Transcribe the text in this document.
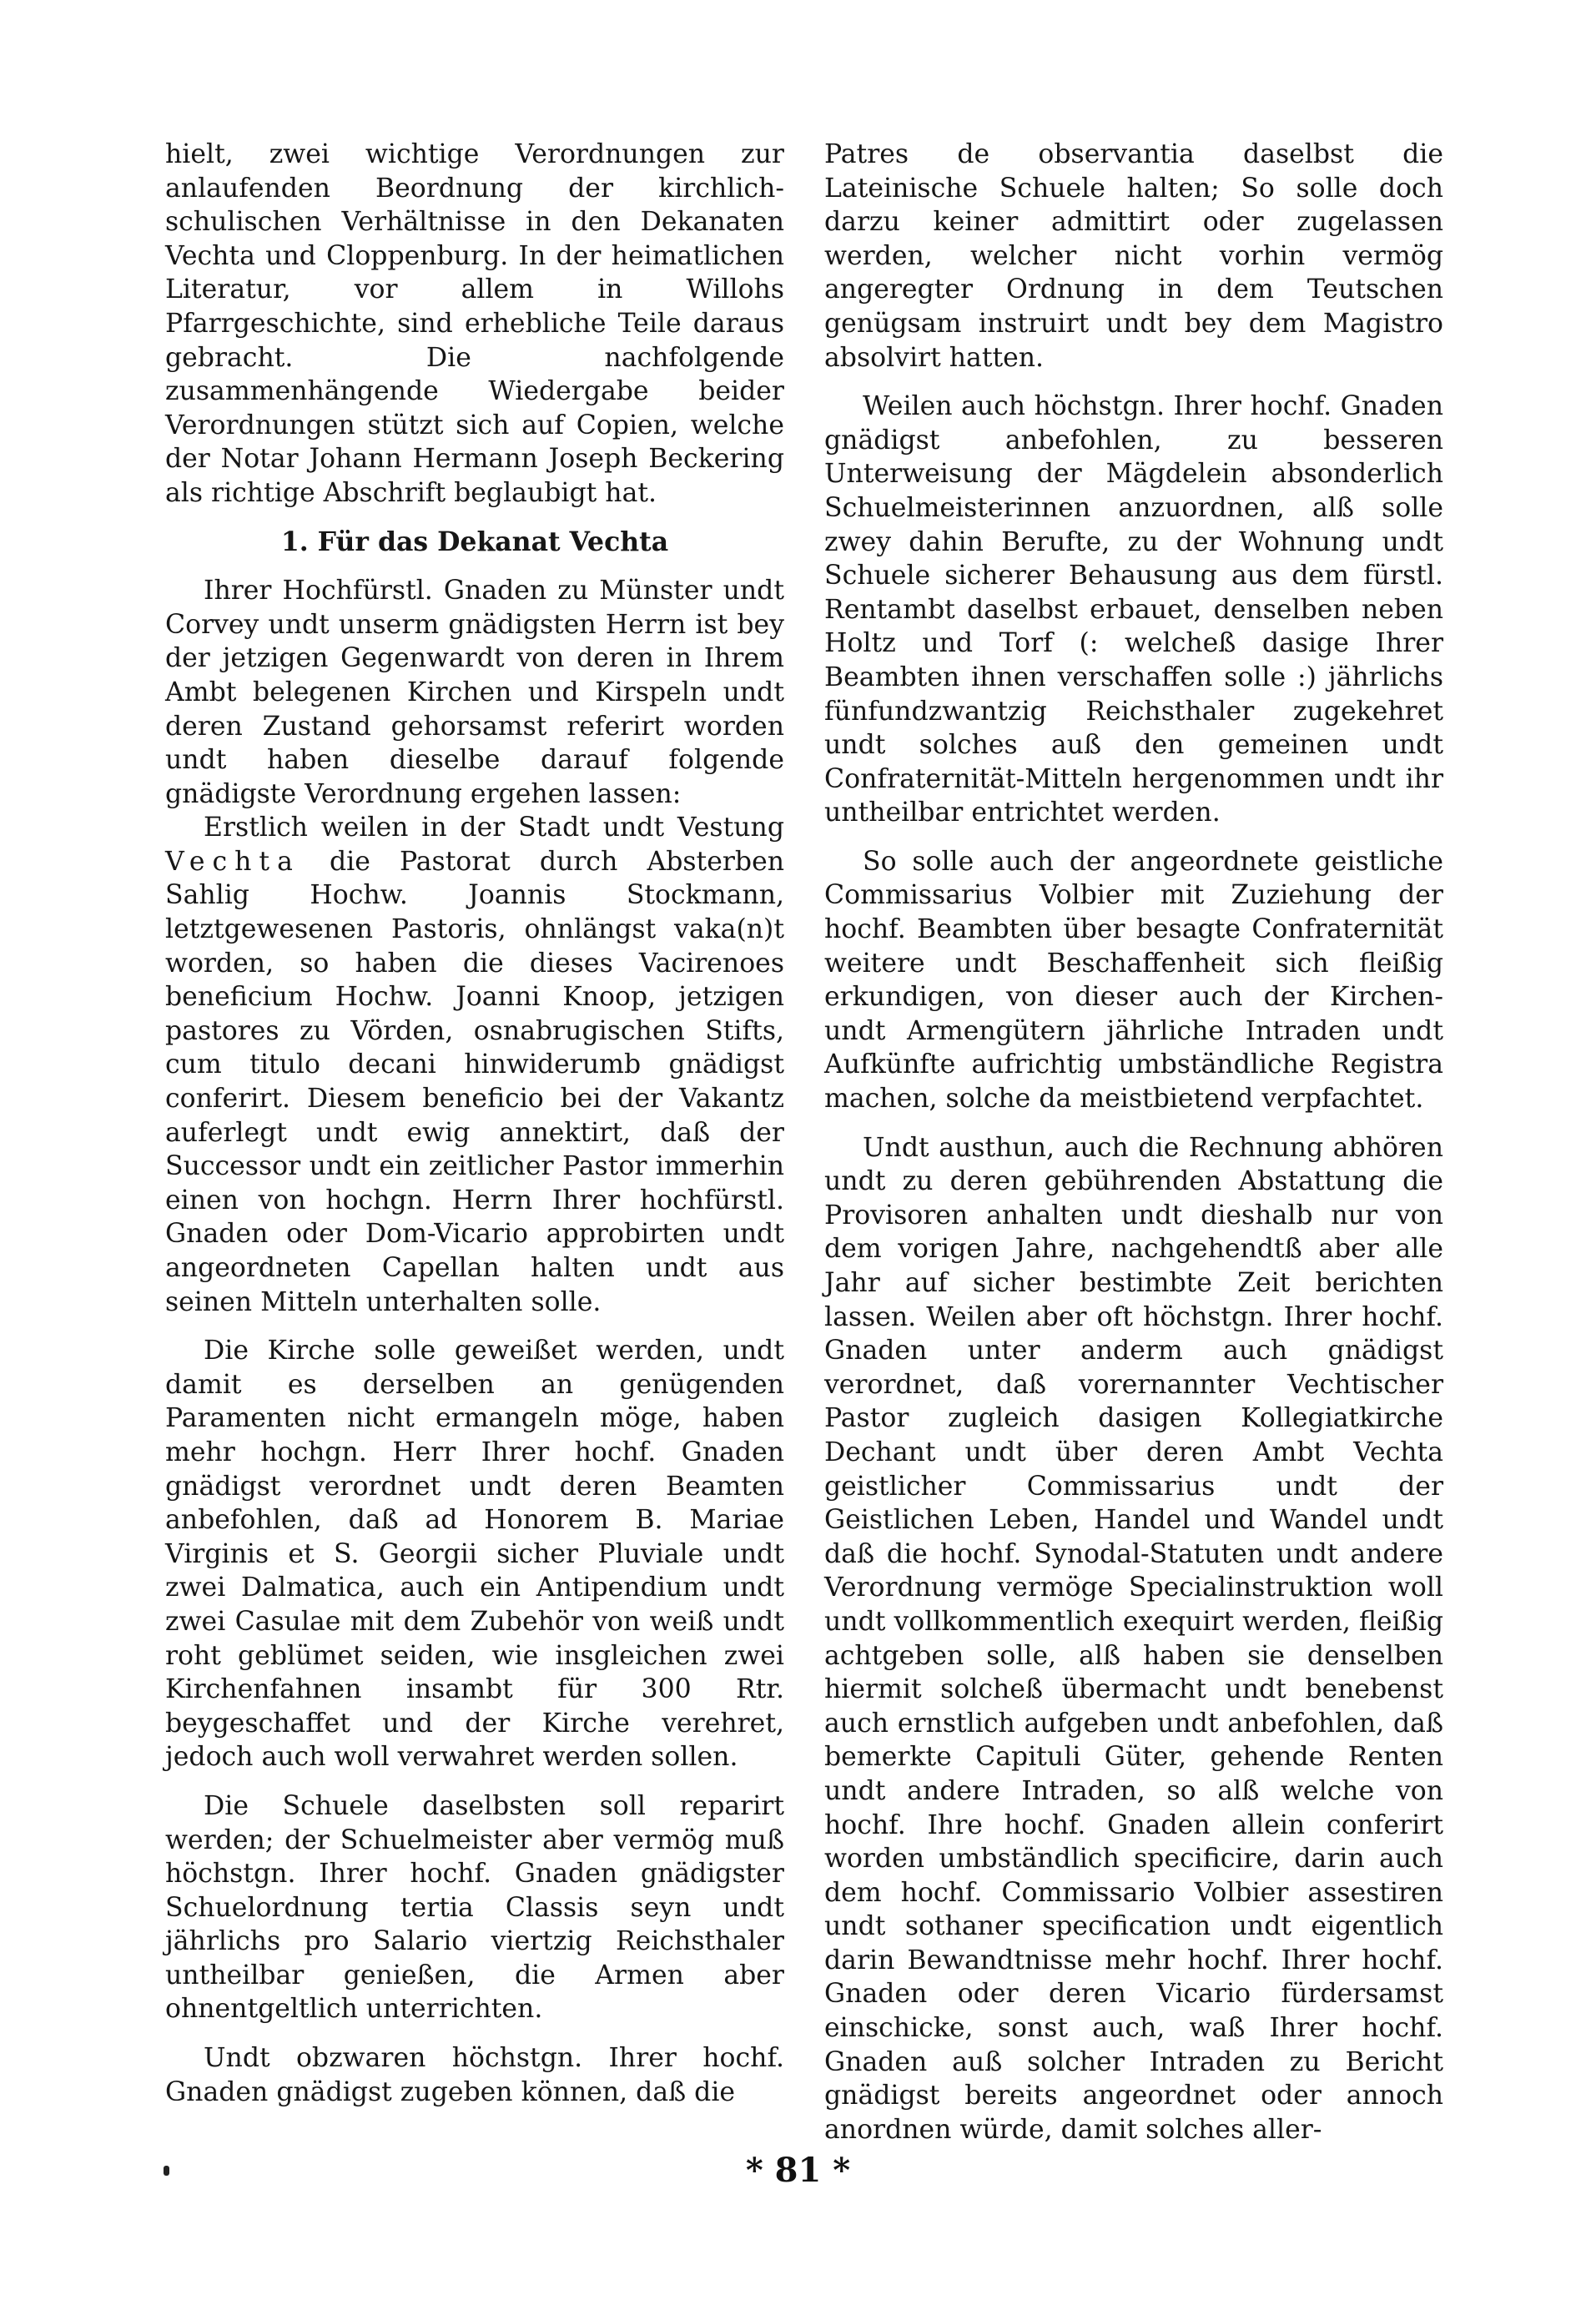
hielt, zwei wichtige Verordnungen zur anlaufenden Beordnung der kirchlich-schulischen Verhältnisse in den Dekanaten Vechta und Cloppenburg. In der heimatlichen Literatur, vor allem in Willohs Pfarrgeschichte, sind erhebliche Teile daraus gebracht. Die nachfolgende zusammenhängende Wiedergabe beider Verordnungen stützt sich auf Copien, welche der Notar Johann Hermann Joseph Beckering als richtige Abschrift beglaubigt hat.

1. Für das Dekanat Vechta

Ihrer Hochfürstl. Gnaden zu Münster undt Corvey undt unserm gnädigsten Herrn ist bey der jetzigen Gegenwardt von deren in Ihrem Ambt belegenen Kirchen und Kirspeln undt deren Zustand gehorsamst referirt worden undt haben dieselbe darauf folgende gnädigste Verordnung ergehen lassen:

Erstlich weilen in der Stadt undt Vestung Vechta die Pastorat durch Absterben Sahlig Hochw. Joannis Stockmann, letztgewesenen Pastoris, ohnlängst vaka(n)t worden, so haben die dieses Vacirenoes beneficium Hochw. Joanni Knoop, jetzigen pastores zu Vörden, osnabrugischen Stifts, cum titulo decani hinwiderumb gnädigst conferirt. Diesem beneficio bei der Vakantz auferlegt undt ewig annektirt, daß der Successor undt ein zeitlicher Pastor immerhin einen von hochgn. Herrn Ihrer hochfürstl. Gnaden oder Dom-Vicario approbirten undt angeordneten Capellan halten undt aus seinen Mitteln unterhalten solle.

Die Kirche solle geweißet werden, undt damit es derselben an genügenden Paramenten nicht ermangeln möge, haben mehr hochgn. Herr Ihrer hochf. Gnaden gnädigst verordnet undt deren Beamten anbefohlen, daß ad Honorem B. Mariae Virginis et S. Georgii sicher Pluviale undt zwei Dalmatica, auch ein Antipendium undt zwei Casulae mit dem Zubehör von weiß undt roht geblümet seiden, wie insgleichen zwei Kirchenfahnen insambt für 300 Rtr. beygeschaffet und der Kirche verehret, jedoch auch woll verwahret werden sollen.

Die Schuele daselbsten soll reparirt werden; der Schuelmeister aber vermög muß höchstgn. Ihrer hochf. Gnaden gnädigster Schuelordnung tertia Classis seyn undt jährlichs pro Salario viertzig Reichsthaler untheilbar genießen, die Armen aber ohnentgeltlich unterrichten.

Undt obzwaren höchstgn. Ihrer hochf. Gnaden gnädigst zugeben können, daß die

Patres de observantia daselbst die Lateinische Schuele halten; So solle doch darzu keiner admittirt oder zugelassen werden, welcher nicht vorhin vermög angeregter Ordnung in dem Teutschen genügsam instruirt undt bey dem Magistro absolvirt hatten.

Weilen auch höchstgn. Ihrer hochf. Gnaden gnädigst anbefohlen, zu besseren Unterweisung der Mägdelein absonderlich Schuelmeisterinnen anzuordnen, alß solle zwey dahin Berufte, zu der Wohnung undt Schuele sicherer Behausung aus dem fürstl. Rentambt daselbst erbauet, denselben neben Holtz und Torf (: welcheß dasige Ihrer Beambten ihnen verschaffen solle :) jährlichs fünfundzwantzig Reichsthaler zugekehret undt solches auß den gemeinen undt Confraternität-Mitteln hergenommen undt ihr untheilbar entrichtet werden.

So solle auch der angeordnete geistliche Commissarius Volbier mit Zuziehung der hochf. Beambten über besagte Confraternität weitere undt Beschaffenheit sich fleißig erkundigen, von dieser auch der Kirchen- undt Armengütern jährliche Intraden undt Aufkünfte aufrichtig umbständliche Registra machen, solche da meistbietend verpfachtet.

Undt austhun, auch die Rechnung abhören undt zu deren gebührenden Abstattung die Provisoren anhalten undt dieshalb nur von dem vorigen Jahre, nachgehendtß aber alle Jahr auf sicher bestimbte Zeit berichten lassen. Weilen aber oft höchstgn. Ihrer hochf. Gnaden unter anderm auch gnädigst verordnet, daß vorernannter Vechtischer Pastor zugleich dasigen Kollegiatkirche Dechant undt über deren Ambt Vechta geistlicher Commissarius undt der Geistlichen Leben, Handel und Wandel undt daß die hochf. Synodal-Statuten undt andere Verordnung vermöge Specialinstruktion woll undt vollkommentlich exequirt werden, fleißig achtgeben solle, alß haben sie denselben hiermit solcheß übermacht undt benebenst auch ernstlich aufgeben undt anbefohlen, daß bemerkte Capituli Güter, gehende Renten undt andere Intraden, so alß welche von hochf. Ihre hochf. Gnaden allein conferirt worden umbständlich specificire, darin auch dem hochf. Commissario Volbier assestiren undt sothaner specification undt eigentlich darin Bewandtnisse mehr hochf. Ihrer hochf. Gnaden oder deren Vicario fürdersamst einschicke, sonst auch, waß Ihrer hochf. Gnaden auß solcher Intraden zu Bericht gnädigst bereits angeordnet oder annoch anordnen würde, damit solches aller-

* 81 *
